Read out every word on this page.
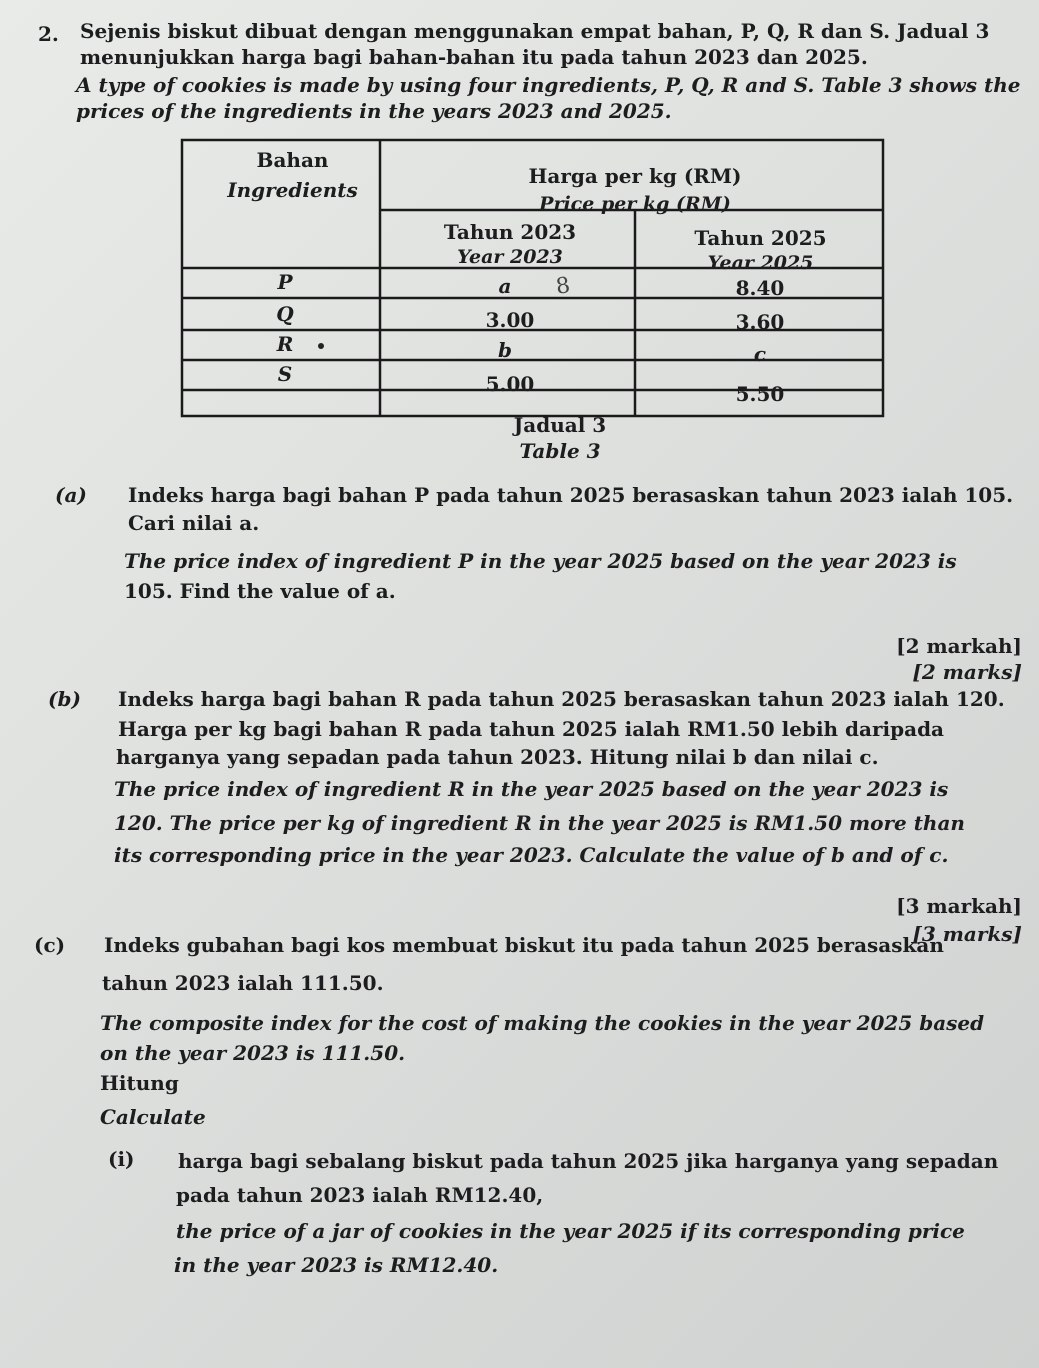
2. Sejenis biskut dibuat dengan menggunakan empat bahan, P, Q, R dan S. Jadual 3
menunjukkan harga bagi bahan-bahan itu pada tahun 2023 dan 2025.
A type of cookies is made by using four ingredients, P, Q, R and S. Table 3 shows the
prices of the ingredients in the years 2023 and 2025.
Bahan
Ingredients
Harga per kg (RM)
Price per kg (RM)
Tahun 2023
Year 2023
Tahun 2025
Year 2025
P	a	8	8.40
Q	3.00	3.60
R	b	c
S	5.00	5.50
Jadual 3
Table 3
(a) Indeks harga bagi bahan P pada tahun 2025 berasaskan tahun 2023 ialah 105.
Cari nilai a.
The price index of ingredient P in the year 2025 based on the year 2023 is
105. Find the value of a.
[2 markah]
[2 marks]
(b) Indeks harga bagi bahan R pada tahun 2025 berasaskan tahun 2023 ialah 120.
Harga per kg bagi bahan R pada tahun 2025 ialah RM1.50 lebih daripada
harganya yang sepadan pada tahun 2023. Hitung nilai b dan nilai c.
The price index of ingredient R in the year 2025 based on the year 2023 is
120. The price per kg of ingredient R in the year 2025 is RM1.50 more than
its corresponding price in the year 2023. Calculate the value of b and of c.
[3 markah]
[3 marks]
(c) Indeks gubahan bagi kos membuat biskut itu pada tahun 2025 berasaskan
tahun 2023 ialah 111.50.
The composite index for the cost of making the cookies in the year 2025 based
on the year 2023 is 111.50.
Hitung
Calculate
(i) harga bagi sebalang biskut pada tahun 2025 jika harganya yang sepadan
pada tahun 2023 ialah RM12.40,
the price of a jar of cookies in the year 2025 if its corresponding price
in the year 2023 is RM12.40.
